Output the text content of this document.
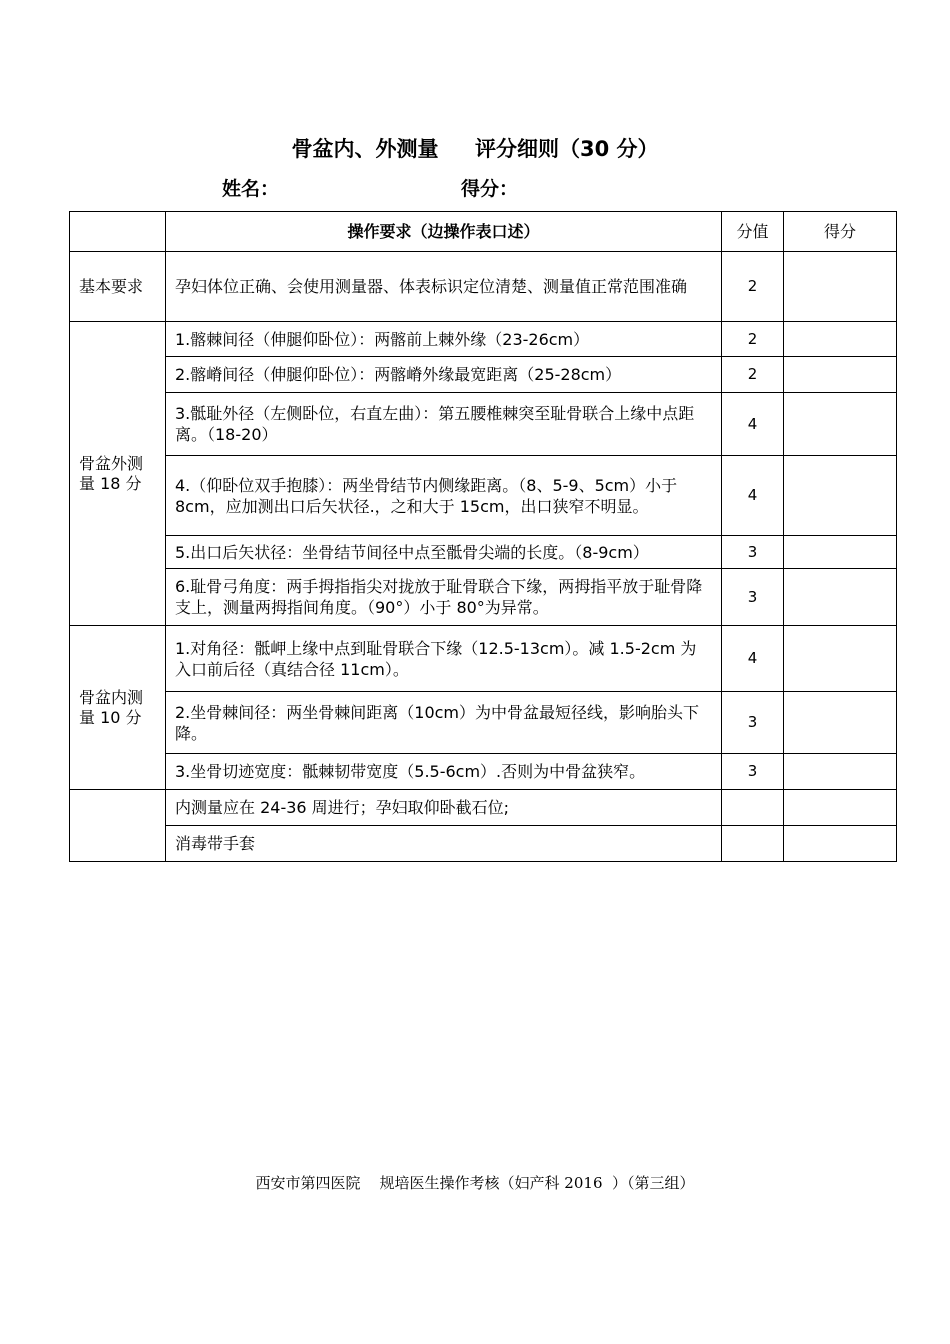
骨盆内、外测量     评分细则（30 分）
姓名：	得分：
	操作要求（边操作表口述）	分值	得分
基本要求	孕妇体位正确、会使用测量器、体表标识定位清楚、测量值正常范围准确	2	
骨盆外测量 18 分	1.髂棘间径（伸腿仰卧位）：两髂前上棘外缘（23-26cm）	2	
	2.髂嵴间径（伸腿仰卧位）：两髂嵴外缘最宽距离（25-28cm）	2	
	3.骶耻外径（左侧卧位，右直左曲）：第五腰椎棘突至耻骨联合上缘中点距离。（18-20）	4	
	4.（仰卧位双手抱膝）：两坐骨结节内侧缘距离。（8、5-9、5cm）小于 8cm，应加测出口后矢状径.，之和大于 15cm，出口狭窄不明显。	4	
	5.出口后矢状径：坐骨结节间径中点至骶骨尖端的长度。（8-9cm）	3	
	6.耻骨弓角度：两手拇指指尖对拢放于耻骨联合下缘，两拇指平放于耻骨降支上，测量两拇指间角度。（90°）小于 80°为异常。	3	
骨盆内测量 10 分	1.对角径：骶岬上缘中点到耻骨联合下缘（12.5-13cm）。减 1.5-2cm 为入口前后径（真结合径 11cm）。	4	
	2.坐骨棘间径：两坐骨棘间距离（10cm）为中骨盆最短径线，影响胎头下降。	3	
	3.坐骨切迹宽度：骶棘韧带宽度（5.5-6cm）.否则为中骨盆狭窄。	3	
	内测量应在 24-36 周进行；孕妇取仰卧截石位;		
	消毒带手套		
西安市第四医院    规培医生操作考核（妇产科 2016  ）（第三组）
